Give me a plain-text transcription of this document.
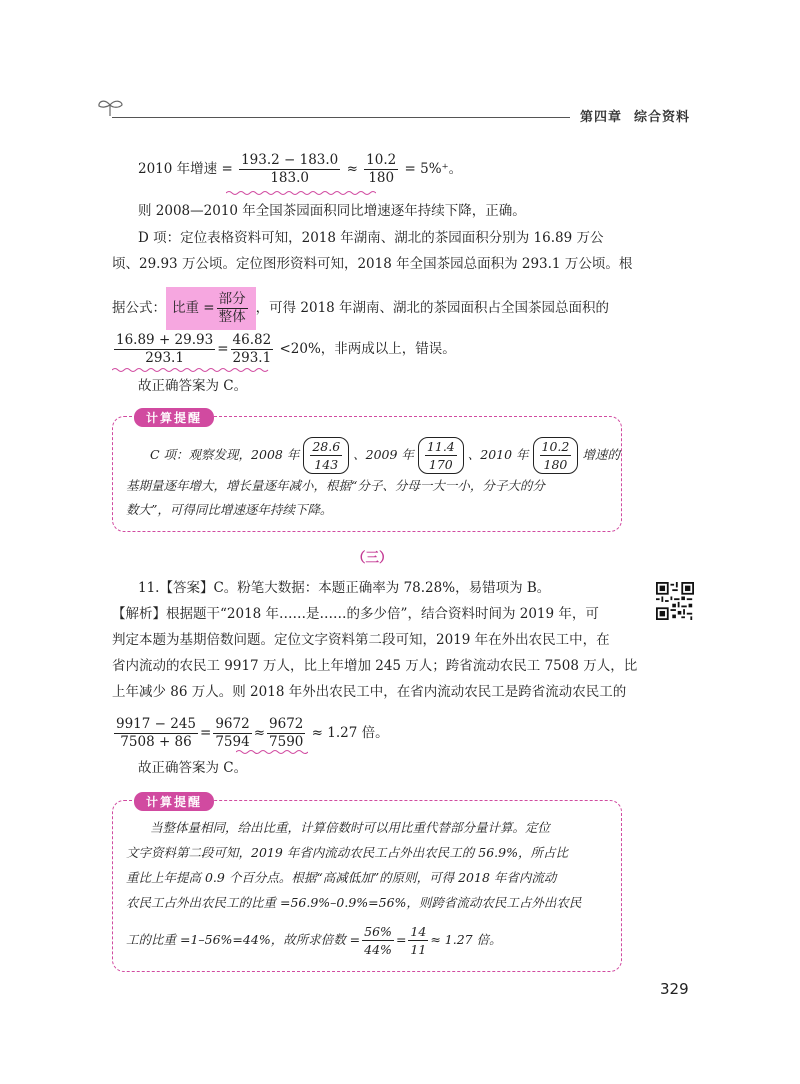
第四章 综合资料
2010 年增速 = $\frac{193.2 - 183.0}{183.0} \approx \frac{10.2}{180} = 5\%^+$。
则 2008—2010 年全国茶园面积同比增速逐年持续下降，正确。
D 项：定位表格资料可知，2018 年湖南、湖北的茶园面积分别为 16.89 万公
顷、29.93 万公顷。定位图形资料可知，2018 年全国茶园总面积为 293.1 万公顷。根
据公式： 比重 = $\frac{\text{部分}}{\text{整体}}$ ，可得 2018 年湖南、湖北的茶园面积占全国茶园总面积的
$\frac{16.89 + 29.93}{293.1} = \frac{46.82}{293.1} <20\%$，非两成以上，错误。
故正确答案为 C。
计算提醒
C 项：观察发现，2008 年 $\frac{28.6}{143}$ 、2009 年 $\frac{11.4}{170}$ 、2010 年 $\frac{10.2}{180}$ 增速的
基期量逐年增大，增长量逐年减小，根据“分子、分母一大一小，分子大的分
数大”，可得同比增速逐年持续下降。
（三）
11.【答案】C。粉笔大数据：本题正确率为 78.28%，易错项为 B。
【解析】根据题干“2018 年……是……的多少倍”，结合资料时间为 2019 年，可
判定本题为基期倍数问题。定位文字资料第二段可知，2019 年在外出农民工中，在
省内流动的农民工 9917 万人，比上年增加 245 万人；跨省流动农民工 7508 万人，比
上年减少 86 万人。则 2018 年外出农民工中，在省内流动农民工是跨省流动农民工的
$\frac{9917 - 245}{7508 + 86} = \frac{9672}{7594} \approx \frac{9672}{7590} \approx 1.27$ 倍。
故正确答案为 C。
计算提醒
当整体量相同，给出比重，计算倍数时可以用比重代替部分量计算。定位
文字资料第二段可知，2019 年省内流动农民工占外出农民工的 56.9%，所占比
重比上年提高 0.9 个百分点。根据“高减低加”的原则，可得 2018 年省内流动
农民工占外出农民工的比重 =56.9%–0.9%=56%，则跨省流动农民工占外出农民
工的比重 =1–56%=44%，故所求倍数 = $\frac{56\%}{44\%} = \frac{14}{11} \approx 1.27$ 倍。
329
